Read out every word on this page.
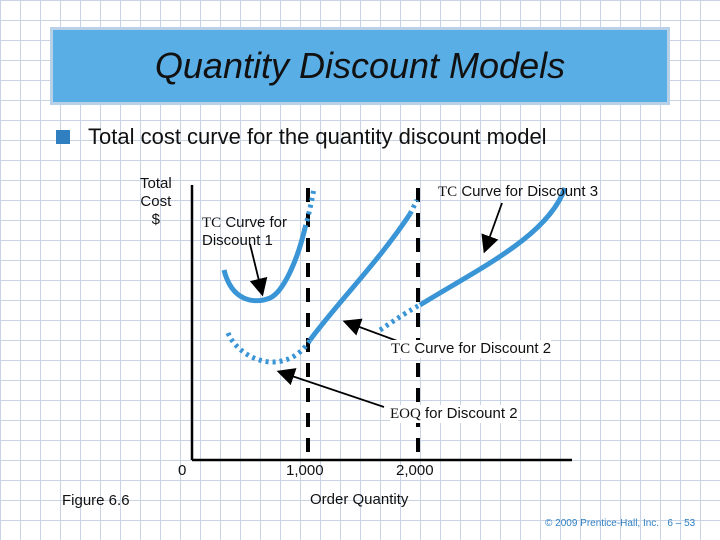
Quantity Discount Models
Total cost curve for the quantity discount model
Total
Cost
$	TC Curve for
Discount 1
TC Curve for Discount 3
TC Curve for Discount 2
EOQ for Discount 2
0	1,000	2,000
Order Quantity
Figure 6.6
© 2009 Prentice-Hall, Inc.   6 – 53
